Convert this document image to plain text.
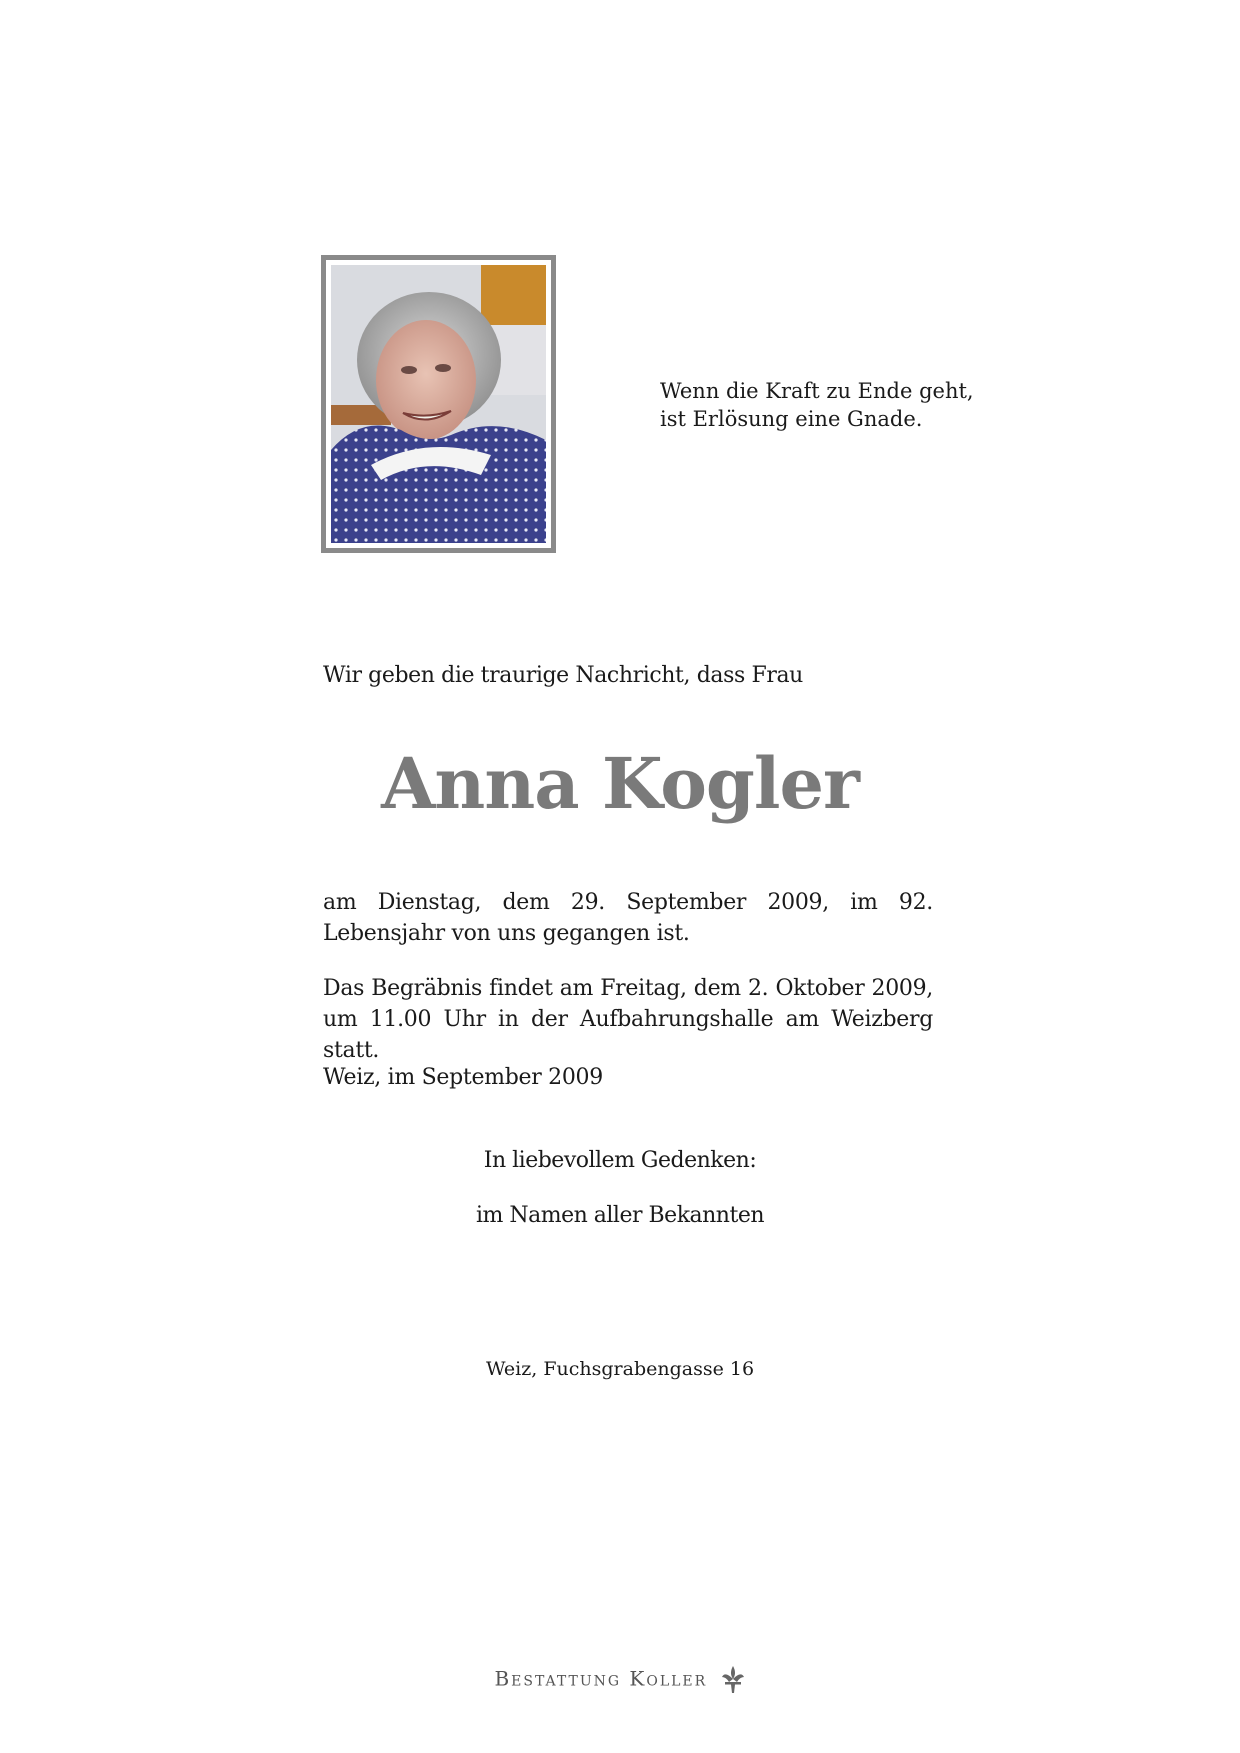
Wenn die Kraft zu Ende geht,
ist Erlösung eine Gnade.
Wir geben die traurige Nachricht, dass Frau
Anna Kogler
am Dienstag, dem 29. September 2009, im 92. Lebensjahr von uns gegangen ist.
Das Begräbnis findet am Freitag, dem 2. Oktober 2009, um 11.00 Uhr in der Aufbahrungshalle am Weizberg statt.
Weiz, im September 2009
In liebevollem Gedenken:
im Namen aller Bekannten
Weiz, Fuchsgrabengasse 16
Bestattung Koller
